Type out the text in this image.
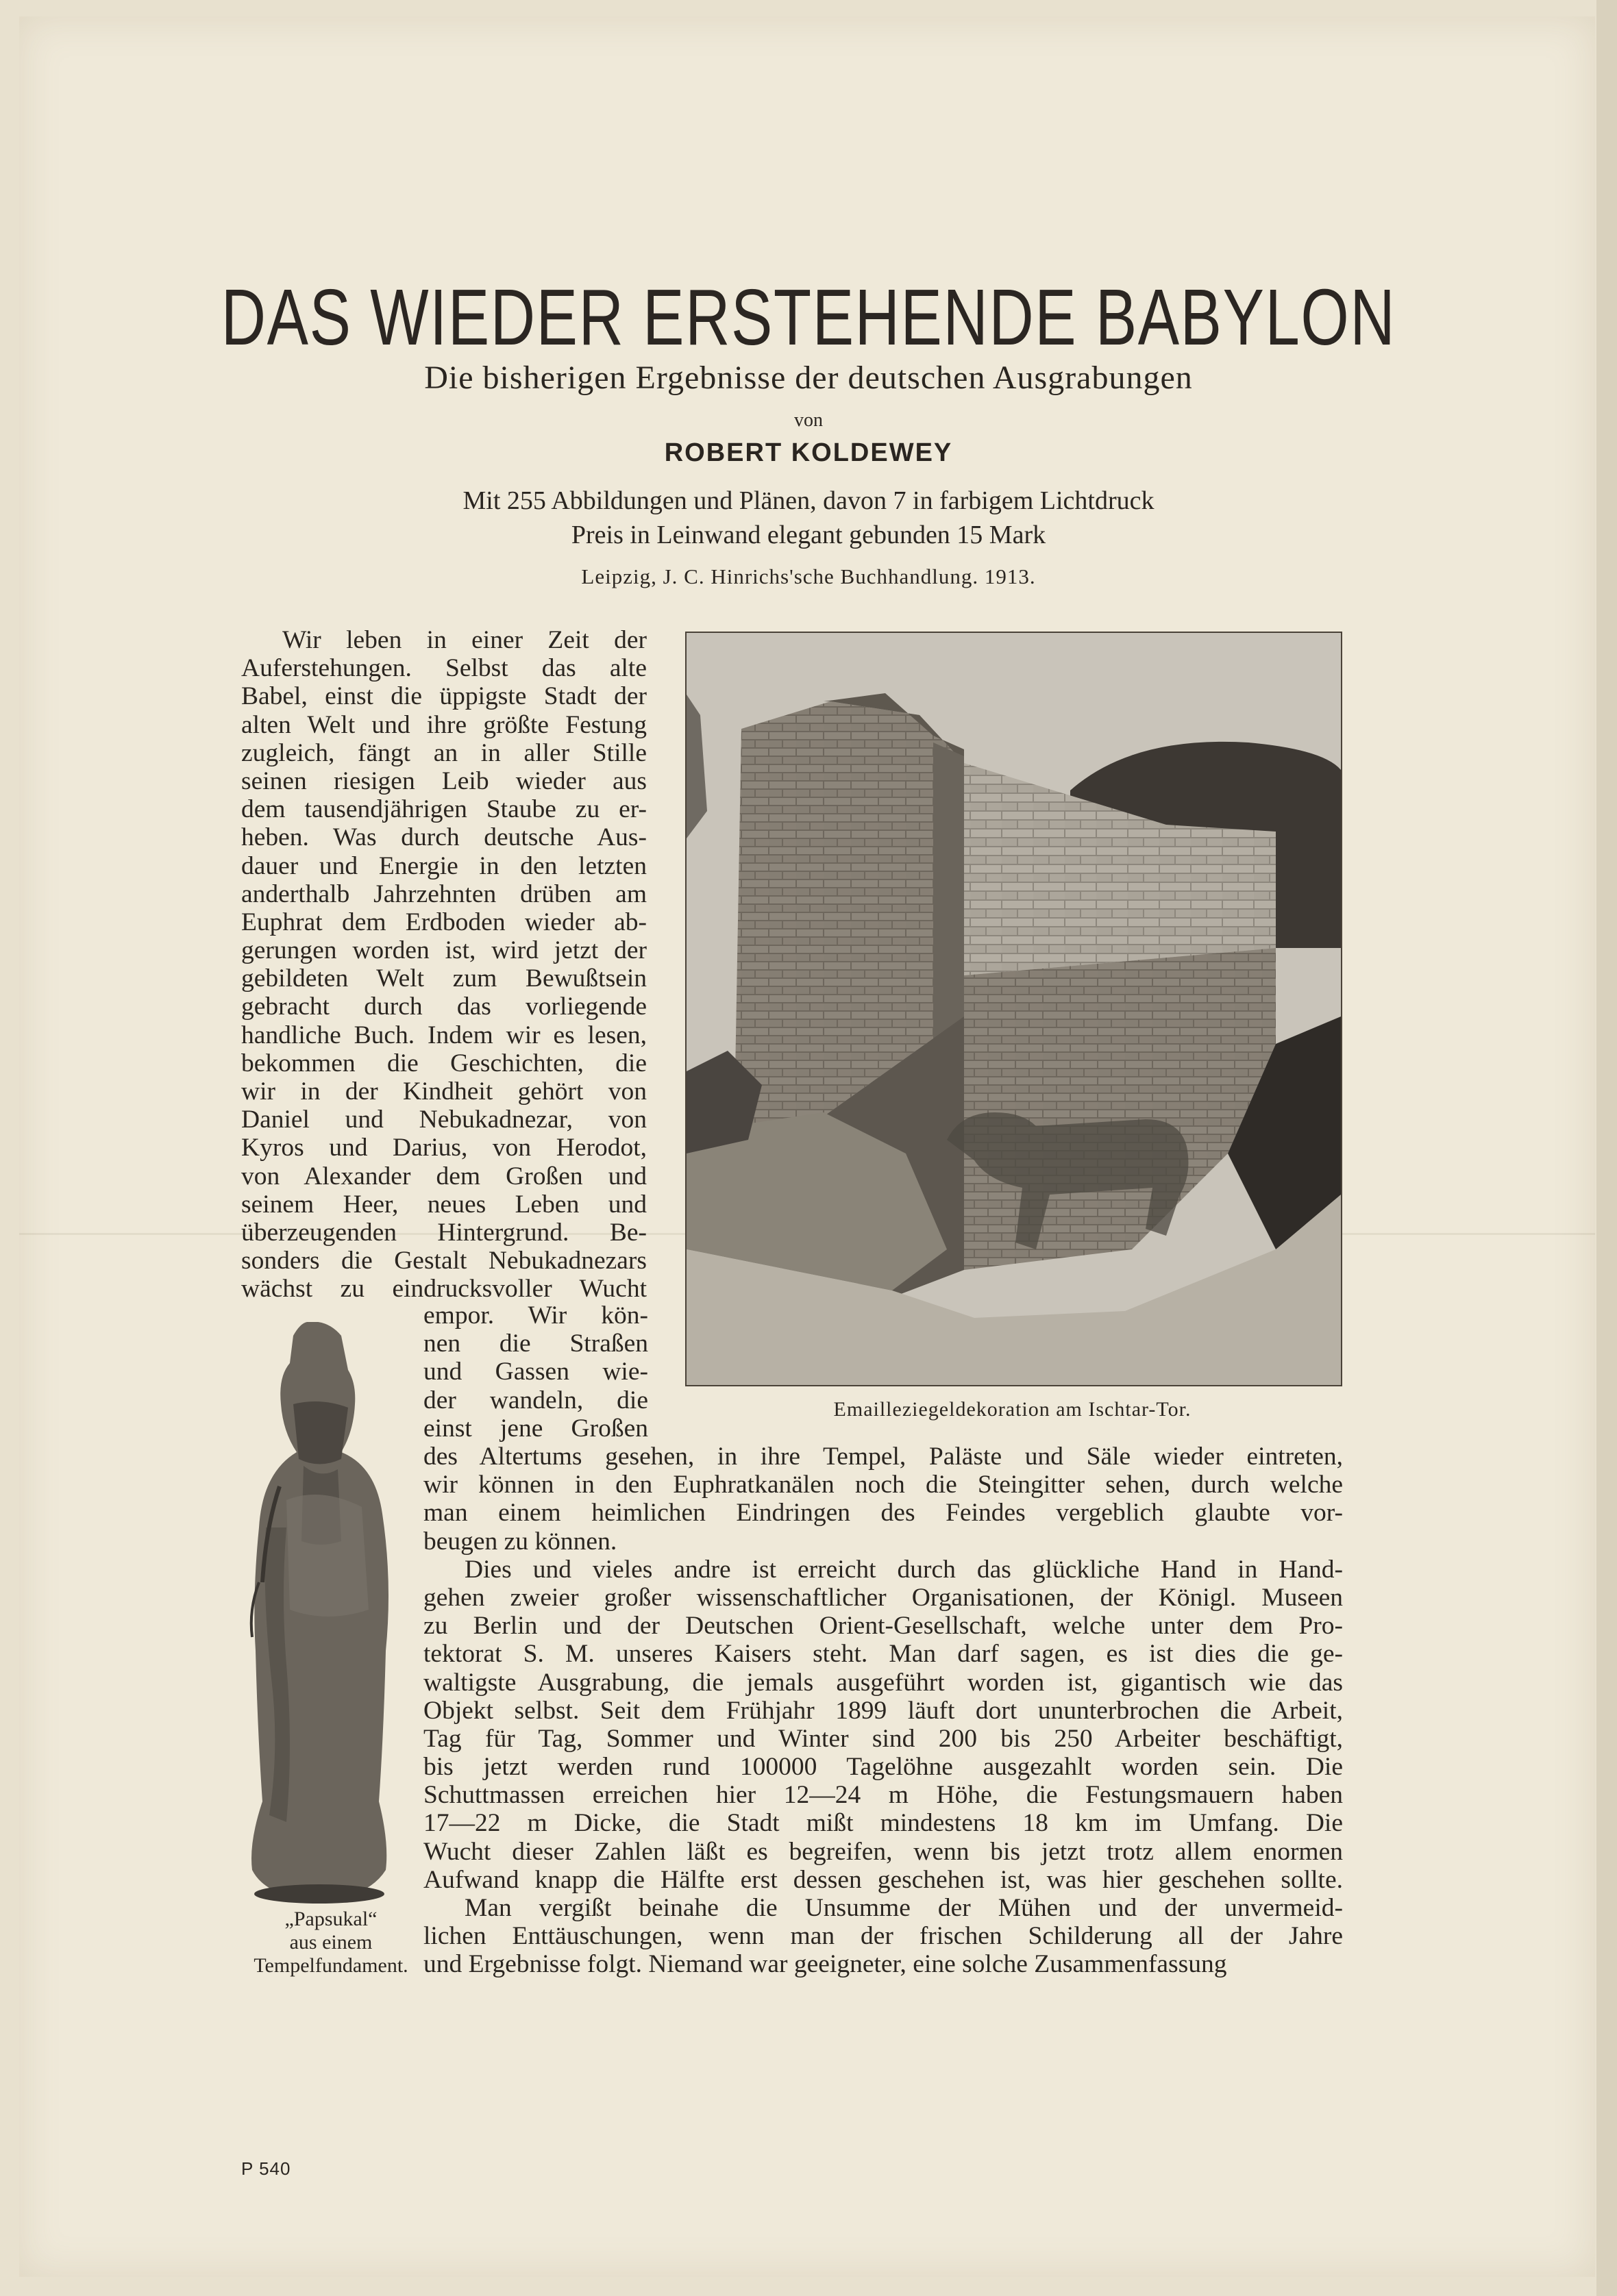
DAS WIEDER ERSTEHENDE BABYLON
Die bisherigen Ergebnisse der deutschen Ausgrabungen
von
ROBERT KOLDEWEY
Mit 255 Abbildungen und Plänen, davon 7 in farbigem Lichtdruck
Preis in Leinwand elegant gebunden 15 Mark
Leipzig, J. C. Hinrichs'sche Buchhandlung. 1913.
Wir leben in einer Zeit der
Auferstehungen. Selbst das alte
Babel, einst die üppigste Stadt der
alten Welt und ihre größte Festung
zugleich, fängt an in aller Stille
seinen riesigen Leib wieder aus
dem tausendjährigen Staube zu er-
heben. Was durch deutsche Aus-
dauer und Energie in den letzten
anderthalb Jahrzehnten drüben am
Euphrat dem Erdboden wieder ab-
gerungen worden ist, wird jetzt der
gebildeten Welt zum Bewußtsein
gebracht durch das vorliegende
handliche Buch. Indem wir es lesen,
bekommen die Geschichten, die
wir in der Kindheit gehört von
Daniel und Nebukadnezar, von
Kyros und Darius, von Herodot,
von Alexander dem Großen und
seinem Heer, neues Leben und
überzeugenden Hintergrund. Be-
sonders die Gestalt Nebukadnezars
wächst zu eindrucksvoller Wucht
empor. Wir kön-
nen die Straßen
und Gassen wie-
der wandeln, die
einst jene Großen
des Altertums gesehen, in ihre Tempel, Paläste und Säle wieder eintreten,
wir können in den Euphratkanälen noch die Steingitter sehen, durch welche
man einem heimlichen Eindringen des Feindes vergeblich glaubte vor-
beugen zu können.
Dies und vieles andre ist erreicht durch das glückliche Hand in Hand-
gehen zweier großer wissenschaftlicher Organisationen, der Königl. Museen
zu Berlin und der Deutschen Orient-Gesellschaft, welche unter dem Pro-
tektorat S. M. unseres Kaisers steht. Man darf sagen, es ist dies die ge-
waltigste Ausgrabung, die jemals ausgeführt worden ist, gigantisch wie das
Objekt selbst. Seit dem Frühjahr 1899 läuft dort ununterbrochen die Arbeit,
Tag für Tag, Sommer und Winter sind 200 bis 250 Arbeiter beschäftigt,
bis jetzt werden rund 100000 Tagelöhne ausgezahlt worden sein. Die
Schuttmassen erreichen hier 12—24 m Höhe, die Festungsmauern haben
17—22 m Dicke, die Stadt mißt mindestens 18 km im Umfang. Die
Wucht dieser Zahlen läßt es begreifen, wenn bis jetzt trotz allem enormen
Aufwand knapp die Hälfte erst dessen geschehen ist, was hier geschehen sollte.
Man vergißt beinahe die Unsumme der Mühen und der unvermeid-
lichen Enttäuschungen, wenn man der frischen Schilderung all der Jahre
und Ergebnisse folgt. Niemand war geeigneter, eine solche Zusammenfassung
Emailleziegeldekoration am Ischtar-Tor.
„Papsukal“
aus einem
Tempelfundament.
P 540
